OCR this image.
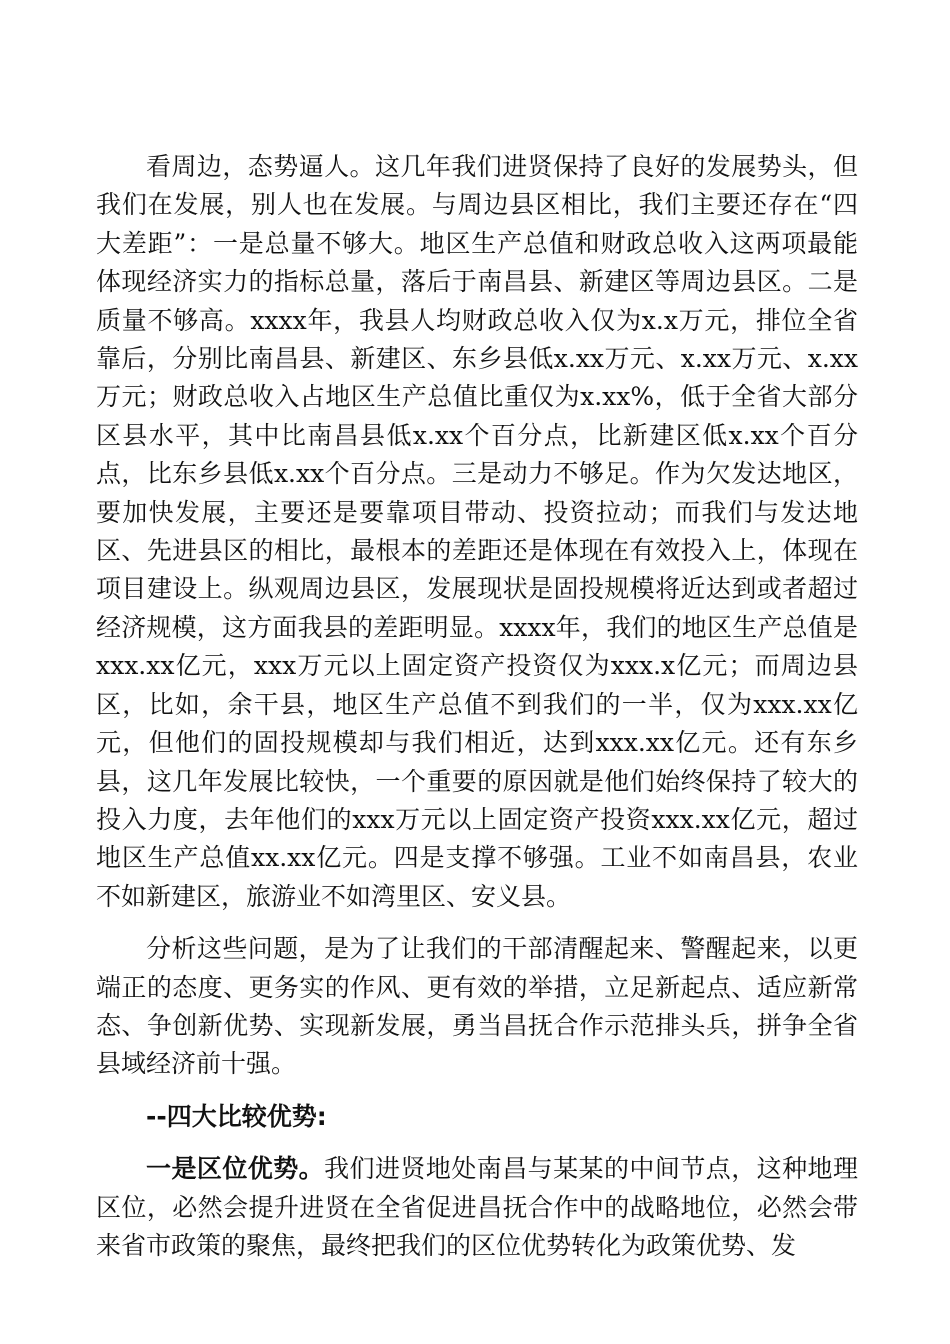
看周边，态势逼人。这几年我们进贤保持了良好的发展势头，但我们在发展，别人也在发展。与周边县区相比，我们主要还存在“四大差距”：一是总量不够大。地区生产总值和财政总收入这两项最能体现经济实力的指标总量，落后于南昌县、新建区等周边县区。二是质量不够高。xxxx年，我县人均财政总收入仅为x.x万元，排位全省靠后，分别比南昌县、新建区、东乡县低x.xx万元、x.xx万元、x.xx万元；财政总收入占地区生产总值比重仅为x.xx%，低于全省大部分区县水平，其中比南昌县低x.xx个百分点，比新建区低x.xx个百分点，比东乡县低x.xx个百分点。三是动力不够足。作为欠发达地区，要加快发展，主要还是要靠项目带动、投资拉动；而我们与发达地区、先进县区的相比，最根本的差距还是体现在有效投入上，体现在项目建设上。纵观周边县区，发展现状是固投规模将近达到或者超过经济规模，这方面我县的差距明显。xxxx年，我们的地区生产总值是xxx.xx亿元，xxx万元以上固定资产投资仅为xxx.x亿元；而周边县区，比如，余干县，地区生产总值不到我们的一半，仅为xxx.xx亿元，但他们的固投规模却与我们相近，达到xxx.xx亿元。还有东乡县，这几年发展比较快，一个重要的原因就是他们始终保持了较大的投入力度，去年他们的xxx万元以上固定资产投资xxx.xx亿元，超过地区生产总值xx.xx亿元。四是支撑不够强。工业不如南昌县，农业不如新建区，旅游业不如湾里区、安义县。

分析这些问题，是为了让我们的干部清醒起来、警醒起来，以更端正的态度、更务实的作风、更有效的举措，立足新起点、适应新常态、争创新优势、实现新发展，勇当昌抚合作示范排头兵，拼争全省县域经济前十强。

--四大比较优势:

一是区位优势。我们进贤地处南昌与某某的中间节点，这种地理区位，必然会提升进贤在全省促进昌抚合作中的战略地位，必然会带来省市政策的聚焦，最终把我们的区位优势转化为政策优势、发
